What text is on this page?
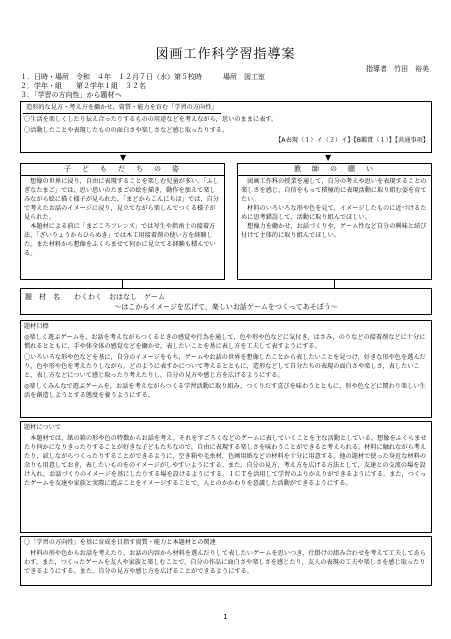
図画工作科学習指導案
指導者　竹田　裕美
１．日時・場所　令和　４年　１２月７日（水）第５校時　　　場所　図工室
２．学年・組　　第２学年１組　３２名
３．「学習の方向性」から題材へ
造形的な見方・考え方を働かせ，資質・能力を育む「学習の方向性」

〇生活を楽しくしたり伝え合ったりするものの用途などを考えながら，思いのままに表す。

〇活動したことや表現したものの面白さや楽しさなど感じ取ったりする。

【A表現（１）イ（２）イ】【B鑑賞（１）】【共通事項】

▼	▼
子　ど　も　だ　ち　の　姿
　想像の世界に浸り，自由に表現することを楽しむ児童が多い。「ふしぎなたまご」では，思い思いのたまごの絵を描き，動作を加えて楽しみながら絵に描く様子が見られた。「まどからこんにちは」では，自分で考えたお話のイメージに浸り，見立てながら楽しんでつくる様子が見られた。
　本題材による前に「まごころフレンズ」では写生や指南士の接着方法，「ざいりょうからひらめき」では木工用接着剤の使い方を経験した。また材料から想像をふくらませて何かに見立てる経験も積んでいる。
教　師　の　願　い
　図画工作科の授業を通して，自分の考えや思いを表現することの楽しさを感じ，自信をもって積極的に表現活動に取り組む姿を育てたい。
　材料のいろいろな形や色を見て，イメージしたものに近づけるために思考錯誤して，活動に取り組んでほしい。
　想像力を働かせ，お話づくりや，ゲーム性など自分の興味と結び付けて主体的に取り組んでほしい。
題　材　名　　わくわく　おはなし　ゲーム
〜はこからイメージを広げて，楽しいお話ゲームをつくってあそぼう〜

題材目標

◎楽しく遊ぶゲームを，お話を考えながらつくるときの感覚や行為を通して，色や形や色などに気付き，はさみ，のりなどの接着剤などに十分に慣れるとともに，手や体全体の感覚などを働かせ，表したいことを基に表し方を工夫して表すようにする。

〇いろいろな形や色などを基に，自分のイメージをもち，ゲームやお話の世界を想像したことから表したいことを見つけ，好きな形や色を選んだり，色や形や色を考えたりしながら，どのように表すかについて考えるとともに，造形などして自分たちの表現の面白さや楽しさ，表したいこと，表し方などについて感じ取ったり考えたりし，自分の見方や感じ方を広げるようにする。

◎楽しくみんなで遊ぶゲームを，お話を考えながらつくる学習活動に取り組み，つくりだす喜びを味わうとともに，形や色などに関わり楽しい生活を創造しようとする態度を養うようにする。

題材について

　本題材では，紙の箱の形や色の特徴からお話を考え，それをすごろくなどのゲームに表していくことを主な活動としている。想像をふくらませたり何かになりきったりすることが好きな子どもたちなので，自由に表現する楽しさを味わうことができると考えられる。材料に触れながら考えたり，試しながらつくったりすることができるように，空き箱や毛糸材，色画用紙などの材料を十分に用意する。他の題材で使った身近な材料の余りも用意しておき，表したいものをのイメージがしやすいようにする。また，自分の見方，考え方を広げる方法として，友達との交流の場を設け入れ，お話づくりのイメージを基にしたりする場を設けるようにする。ＩＣＴを活用して学習のふりかえりができるようにする。また，つくったゲームを友達や家族と実際に遊ぶことをイメージすることで，人とのかかわりを意識した活動ができるようにする。

〇「学習の方向性」を基に育成を目指す資質・能力と本題材との関連

　材料の形や色からお話を考えたり，お話の内容から材料を選んだりして表したいゲームを思いつき，仕掛けの組み合わせを考えて工夫してあらわす。また，つくったゲームを友人や家族と楽しむことで，自分の作品に面白さや楽しさを感じたり，友人の表現の工夫や楽しさを感じ取ったりできるようにする。また，自分の見方や感じ方を広げることができるようにする。

1
